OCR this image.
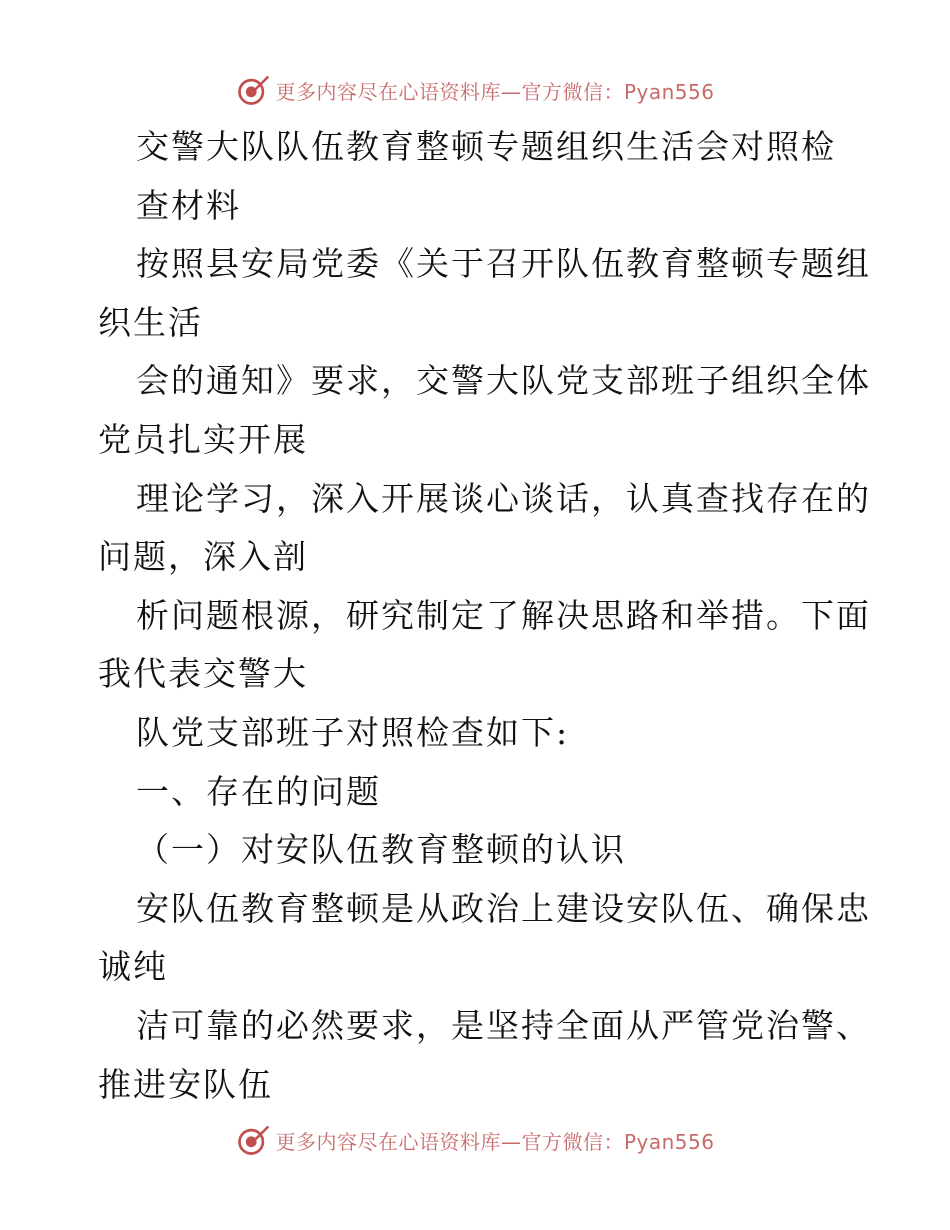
更多内容尽在心语资料库—官方微信：Pyan556
交警大队队伍教育整顿专题组织生活会对照检
查材料
按照县安局党委《关于召开队伍教育整顿专题组
织生活
会的通知》要求，交警大队党支部班子组织全体
党员扎实开展
理论学习，深入开展谈心谈话，认真查找存在的
问题，深入剖
析问题根源，研究制定了解决思路和举措。下面
我代表交警大
队党支部班子对照检查如下:
一、存在的问题
（一）对安队伍教育整顿的认识
安队伍教育整顿是从政治上建设安队伍、确保忠
诚纯
洁可靠的必然要求，是坚持全面从严管党治警、
推进安队伍
更多内容尽在心语资料库—官方微信：Pyan556
